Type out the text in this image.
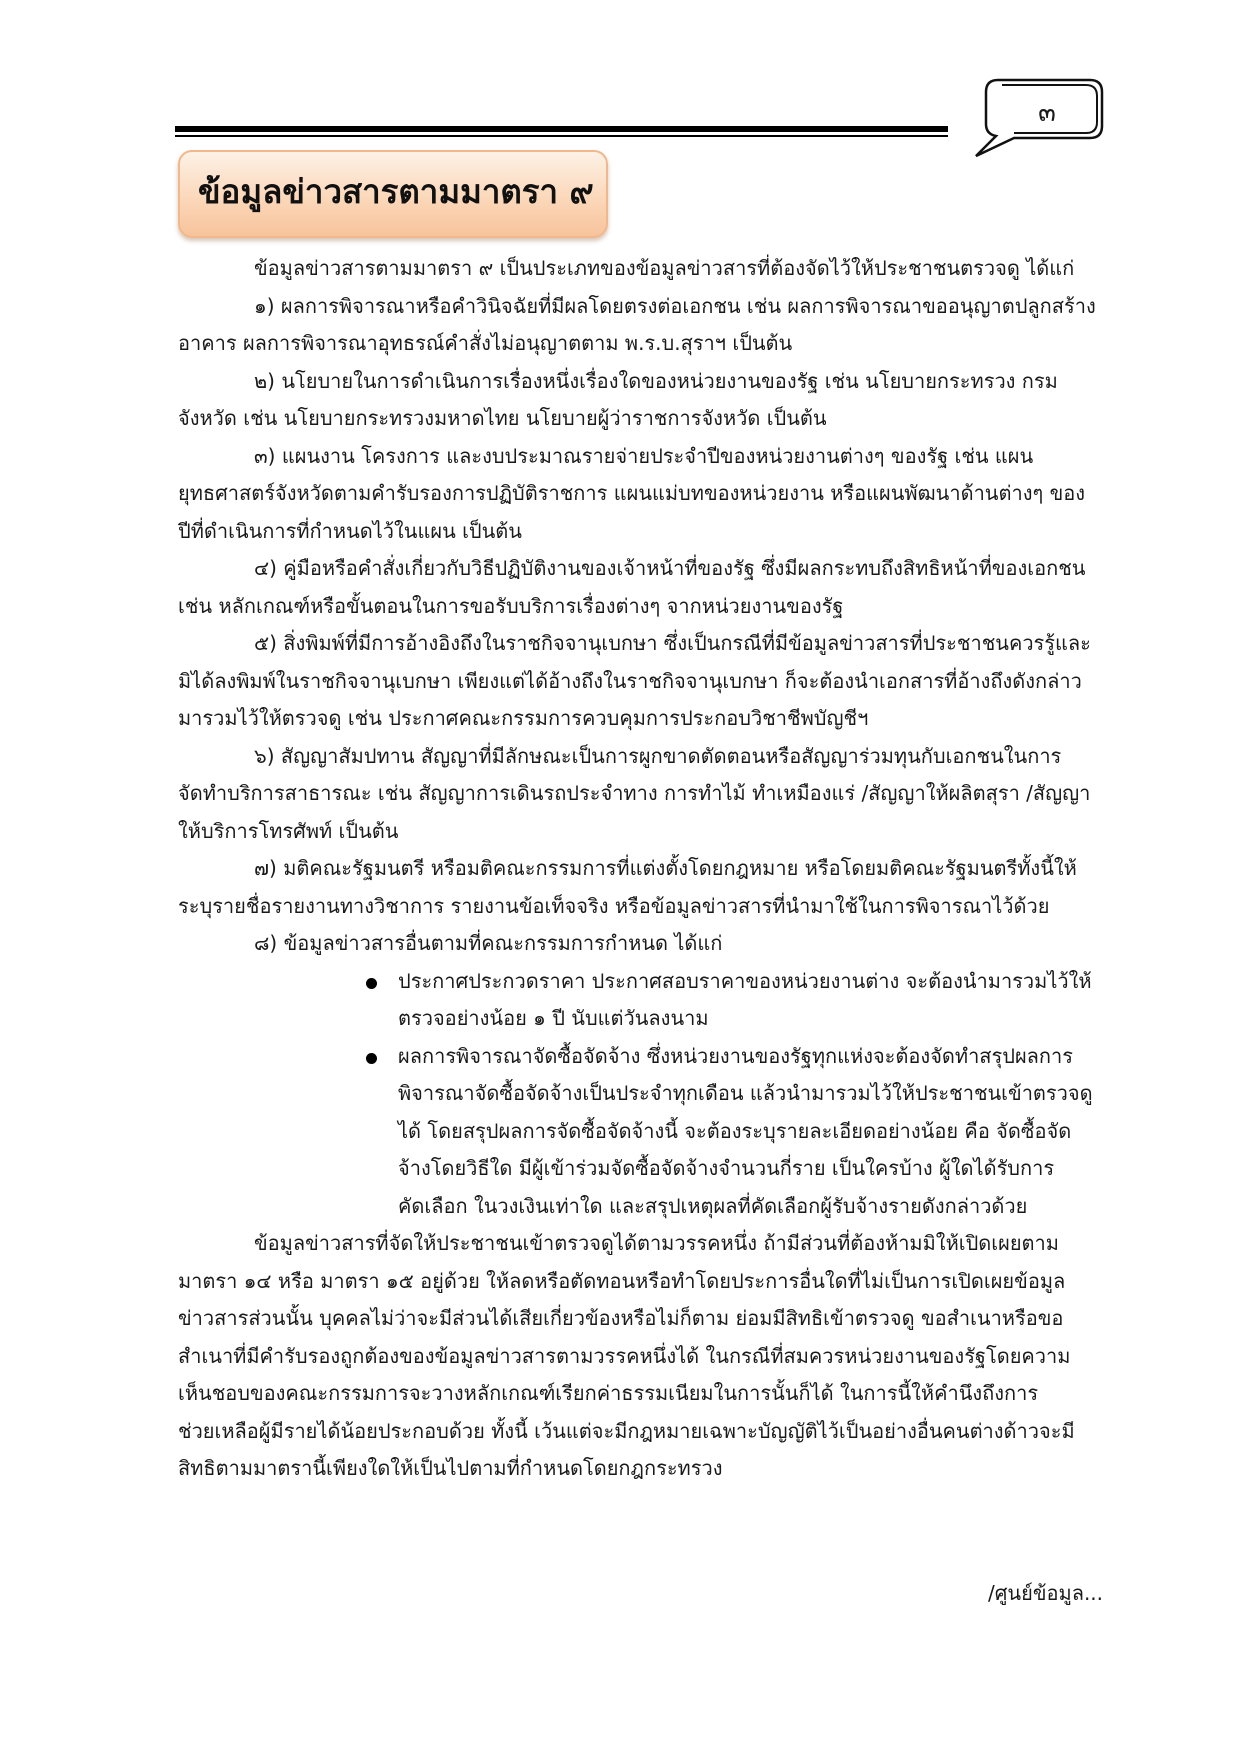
๓
ข้อมูลข่าวสารตามมาตรา ๙
ข้อมูลข่าวสารตามมาตรา ๙ เป็นประเภทของข้อมูลข่าวสารที่ต้องจัดไว้ให้ประชาชนตรวจดู ได้แก่
๑) ผลการพิจารณาหรือคำวินิจฉัยที่มีผลโดยตรงต่อเอกชน เช่น ผลการพิจารณาขออนุญาตปลูกสร้าง
อาคาร ผลการพิจารณาอุทธรณ์คำสั่งไม่อนุญาตตาม พ.ร.บ.สุราฯ เป็นต้น
๒) นโยบายในการดำเนินการเรื่องหนึ่งเรื่องใดของหน่วยงานของรัฐ เช่น นโยบายกระทรวง กรม
จังหวัด เช่น นโยบายกระทรวงมหาดไทย นโยบายผู้ว่าราชการจังหวัด เป็นต้น
๓) แผนงาน โครงการ และงบประมาณรายจ่ายประจำปีของหน่วยงานต่างๆ ของรัฐ เช่น แผน
ยุทธศาสตร์จังหวัดตามคำรับรองการปฏิบัติราชการ แผนแม่บทของหน่วยงาน หรือแผนพัฒนาด้านต่างๆ ของ
ปีที่ดำเนินการที่กำหนดไว้ในแผน เป็นต้น
๔) คู่มือหรือคำสั่งเกี่ยวกับวิธีปฏิบัติงานของเจ้าหน้าที่ของรัฐ ซึ่งมีผลกระทบถึงสิทธิหน้าที่ของเอกชน
เช่น หลักเกณฑ์หรือขั้นตอนในการขอรับบริการเรื่องต่างๆ จากหน่วยงานของรัฐ
๕) สิ่งพิมพ์ที่มีการอ้างอิงถึงในราชกิจจานุเบกษา ซึ่งเป็นกรณีที่มีข้อมูลข่าวสารที่ประชาชนควรรู้และ
มิได้ลงพิมพ์ในราชกิจจานุเบกษา เพียงแต่ได้อ้างถึงในราชกิจจานุเบกษา ก็จะต้องนำเอกสารที่อ้างถึงดังกล่าว
มารวมไว้ให้ตรวจดู เช่น ประกาศคณะกรรมการควบคุมการประกอบวิชาชีพบัญชีฯ
๖) สัญญาสัมปทาน สัญญาที่มีลักษณะเป็นการผูกขาดตัดตอนหรือสัญญาร่วมทุนกับเอกชนในการ
จัดทำบริการสาธารณะ เช่น สัญญาการเดินรถประจำทาง การทำไม้ ทำเหมืองแร่ /สัญญาให้ผลิตสุรา /สัญญา
ให้บริการโทรศัพท์ เป็นต้น
๗) มติคณะรัฐมนตรี หรือมติคณะกรรมการที่แต่งตั้งโดยกฎหมาย หรือโดยมติคณะรัฐมนตรีทั้งนี้ให้
ระบุรายชื่อรายงานทางวิชาการ รายงานข้อเท็จจริง หรือข้อมูลข่าวสารที่นำมาใช้ในการพิจารณาไว้ด้วย
๘) ข้อมูลข่าวสารอื่นตามที่คณะกรรมการกำหนด ได้แก่
ประกาศประกวดราคา ประกาศสอบราคาของหน่วยงานต่าง จะต้องนำมารวมไว้ให้
ตรวจอย่างน้อย ๑ ปี นับแต่วันลงนาม
ผลการพิจารณาจัดซื้อจัดจ้าง ซึ่งหน่วยงานของรัฐทุกแห่งจะต้องจัดทำสรุปผลการ
พิจารณาจัดซื้อจัดจ้างเป็นประจำทุกเดือน แล้วนำมารวมไว้ให้ประชาชนเข้าตรวจดู
ได้ โดยสรุปผลการจัดซื้อจัดจ้างนี้ จะต้องระบุรายละเอียดอย่างน้อย คือ จัดซื้อจัด
จ้างโดยวิธีใด มีผู้เข้าร่วมจัดซื้อจัดจ้างจำนวนกี่ราย เป็นใครบ้าง ผู้ใดได้รับการ
คัดเลือก ในวงเงินเท่าใด และสรุปเหตุผลที่คัดเลือกผู้รับจ้างรายดังกล่าวด้วย
ข้อมูลข่าวสารที่จัดให้ประชาชนเข้าตรวจดูได้ตามวรรคหนึ่ง ถ้ามีส่วนที่ต้องห้ามมิให้เปิดเผยตาม
มาตรา ๑๔ หรือ มาตรา ๑๕ อยู่ด้วย ให้ลดหรือตัดทอนหรือทำโดยประการอื่นใดที่ไม่เป็นการเปิดเผยข้อมูล
ข่าวสารส่วนนั้น บุคคลไม่ว่าจะมีส่วนได้เสียเกี่ยวข้องหรือไม่ก็ตาม ย่อมมีสิทธิเข้าตรวจดู ขอสำเนาหรือขอ
สำเนาที่มีคำรับรองถูกต้องของข้อมูลข่าวสารตามวรรคหนึ่งได้ ในกรณีที่สมควรหน่วยงานของรัฐโดยความ
เห็นชอบของคณะกรรมการจะวางหลักเกณฑ์เรียกค่าธรรมเนียมในการนั้นก็ได้ ในการนี้ให้คำนึงถึงการ
ช่วยเหลือผู้มีรายได้น้อยประกอบด้วย ทั้งนี้ เว้นแต่จะมีกฎหมายเฉพาะบัญญัติไว้เป็นอย่างอื่นคนต่างด้าวจะมี
สิทธิตามมาตรานี้เพียงใดให้เป็นไปตามที่กำหนดโดยกฎกระทรวง
/ศูนย์ข้อมูล...
